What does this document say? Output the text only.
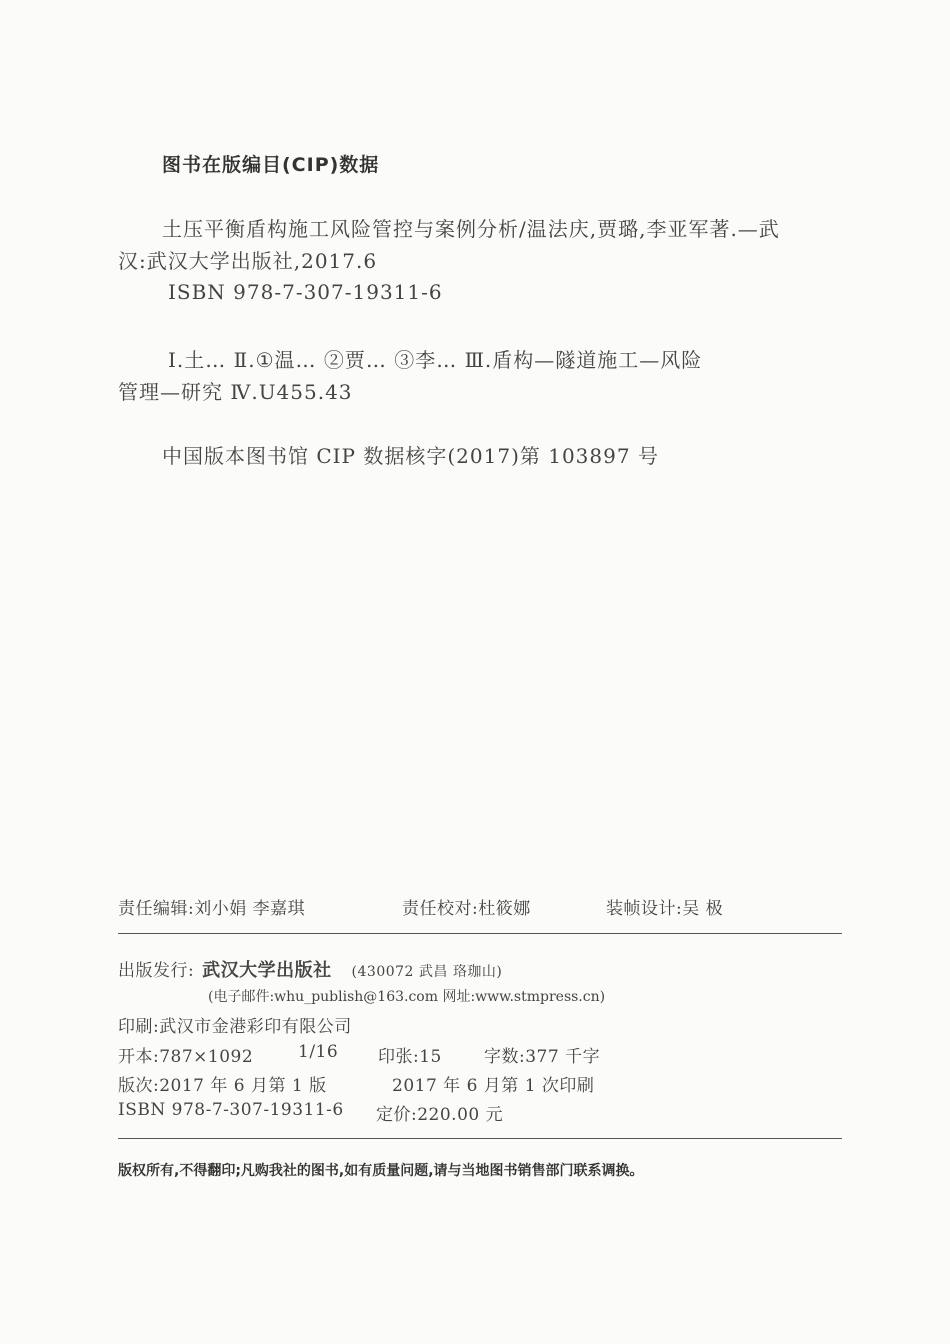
图书在版编目(CIP)数据
土压平衡盾构施工风险管控与案例分析/温法庆,贾璐,李亚军著.—武
汉:武汉大学出版社,2017.6
ISBN 978-7-307-19311-6
Ⅰ.土… Ⅱ.①温… ②贾… ③李… Ⅲ.盾构—隧道施工—风险
管理—研究 Ⅳ.U455.43
中国版本图书馆 CIP 数据核字(2017)第 103897 号
责任编辑:刘小娟 李嘉琪	责任校对:杜筱娜	装帧设计:吴 极
出版发行: 武汉大学出版社 (430072 武昌 珞珈山)
(电子邮件:whu_publish@163.com 网址:www.stmpress.cn)
印刷:武汉市金港彩印有限公司
开本:787×1092	1/16 印张:15 字数:377 千字
版次:2017 年 6 月第 1 版	2017 年 6 月第 1 次印刷
ISBN 978-7-307-19311-6 定价:220.00 元
版权所有,不得翻印;凡购我社的图书,如有质量问题,请与当地图书销售部门联系调换。
